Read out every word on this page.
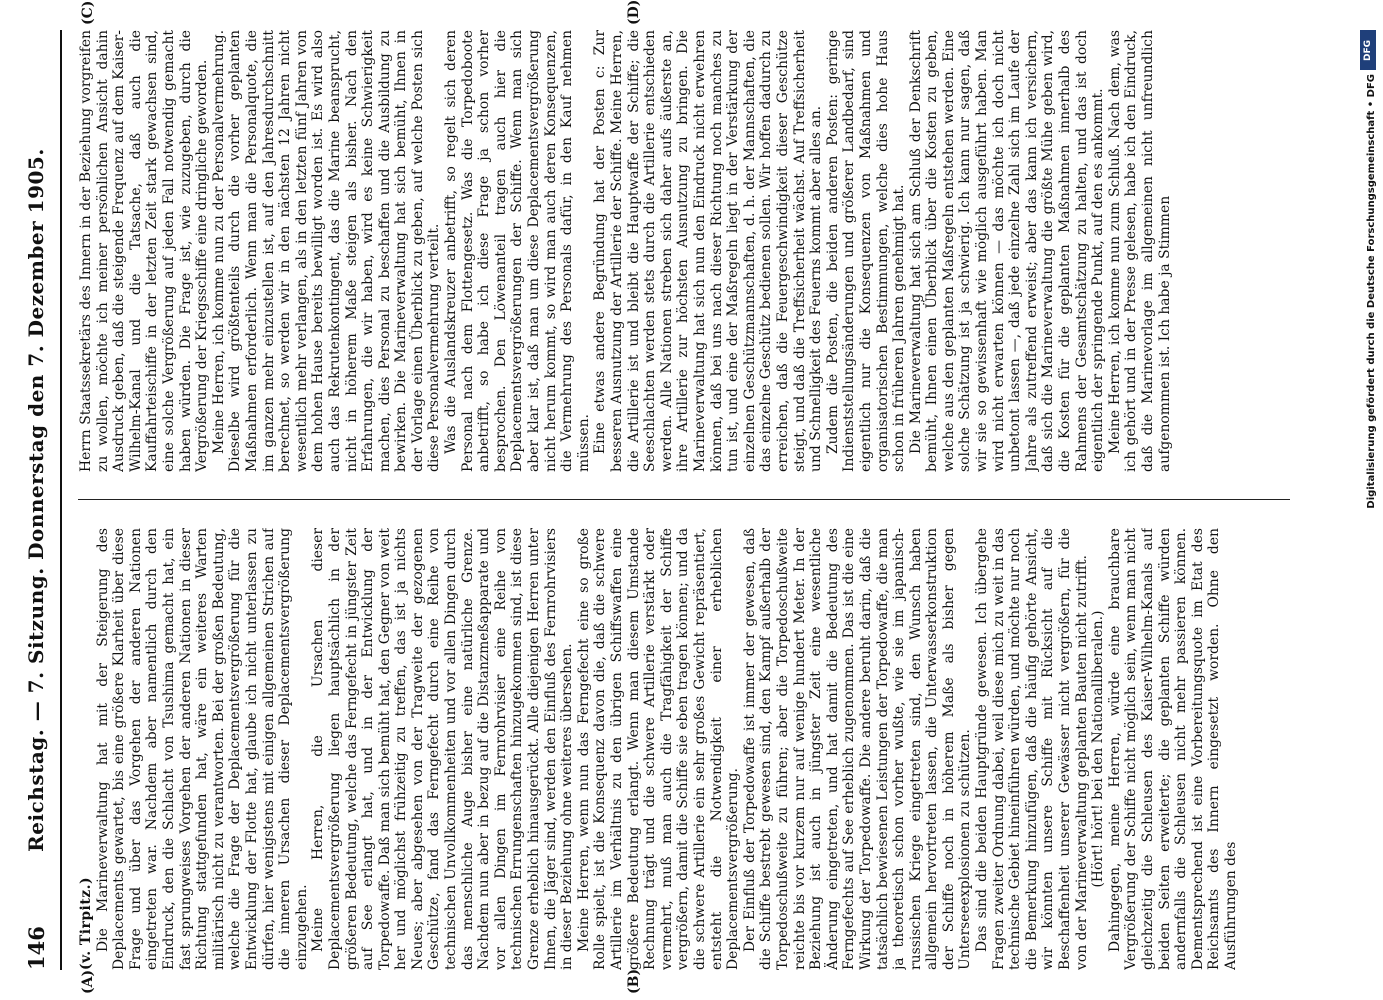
146
Reichstag. — 7. Sitzung. Donnerstag den 7. Dezember 1905.
(A)	(B)
(C)	(D)

(v. Tirpitz.) Die Marineverwaltung hat mit der Steigerung des Deplacements gewartet, bis eine größere Klarheit über diese Frage und über das Vorgehen der anderen Nationen eingetreten war. Nachdem aber namentlich durch den Eindruck, den die Schlacht von Tsushima gemacht hat, ein fast sprungweises Vorgehen der anderen Nationen in dieser Richtung stattgefunden hat, wäre ein weiteres Warten militärisch nicht zu verantworten. Bei der großen Bedeutung, welche die Frage der Deplacementsvergrößerung für die Entwicklung der Flotte hat, glaube ich nicht unterlassen zu dürfen, hier wenigstens mit einigen allgemeinen Strichen auf die inneren Ursachen dieser Deplacementsvergrößerung einzugehen. Meine Herren, die Ursachen dieser Deplacementsvergrößerung liegen hauptsächlich in der größeren Bedeutung, welche das Ferngefecht in jüngster Zeit auf See erlangt hat, und in der Entwicklung der Torpedowaffe. Daß man sich bemüht hat, den Gegner von weit her und möglichst frühzeitig zu treffen, das ist ja nichts Neues; aber abgesehen von der Tragweite der gezogenen Geschütze, fand das Ferngefecht durch eine Reihe von technischen Unvollkommenheiten und vor allen Dingen durch das menschliche Auge bisher eine natürliche Grenze. Nachdem nun aber in bezug auf die Distanzmeßapparate und vor allen Dingen im Fernrohrvisier eine Reihe von technischen Errungenschaften hinzugekommen sind, ist diese Grenze erheblich hinausgerückt. Alle diejenigen Herren unter Ihnen, die Jäger sind, werden den Einfluß des Fernrohrvisiers in dieser Beziehung ohne weiteres übersehen. Meine Herren, wenn nun das Ferngefecht eine so große Rolle spielt, ist die Konsequenz davon die, daß die schwere Artillerie im Verhältnis zu den übrigen Schiffswaffen eine größere Bedeutung erlangt. Wenn man diesem Umstande Rechnung trägt und die schwere Artillerie verstärkt oder vermehrt, muß man auch die Tragfähigkeit der Schiffe vergrößern, damit die Schiffe sie eben tragen können; und da die schwere Artillerie ein sehr großes Gewicht repräsentiert, entsteht die Notwendigkeit einer erheblichen Deplacementsvergrößerung. Der Einfluß der Torpedowaffe ist immer der gewesen, daß die Schiffe bestrebt gewesen sind, den Kampf außerhalb der Torpedoschußweite zu führen; aber die Torpedoschußweite reichte bis vor kurzem nur auf wenige hundert Meter. In der Beziehung ist auch in jüngster Zeit eine wesentliche Änderung eingetreten, und hat damit die Bedeutung des Ferngefechts auf See erheblich zugenommen. Das ist die eine Wirkung der Torpedowaffe. Die andere beruht darin, daß die tatsächlich bewiesenen Leistungen der Torpedowaffe, die man ja theoretisch schon vorher wußte, wie sie im japanisch-russischen Kriege eingetreten sind, den Wunsch haben allgemein hervortreten lassen, die Unterwasserkonstruktion der Schiffe noch in höherem Maße als bisher gegen Unterseeexplosionen zu schützen. Das sind die beiden Hauptgründe gewesen. Ich übergehe Fragen zweiter Ordnung dabei, weil diese mich zu weit in das technische Gebiet hineinführen würden, und möchte nur noch die Bemerkung hinzufügen, daß die häufig gehörte Ansicht, wir könnten unsere Schiffe mit Rücksicht auf die Beschaffenheit unserer Gewässer nicht vergrößern, für die von der Marineverwaltung geplanten Bauten nicht zutrifft. (Hört! hört! bei den Nationalliberalen.) Dahingegen, meine Herren, würde eine brauchbare Vergrößerung der Schiffe nicht möglich sein, wenn man nicht gleichzeitig die Schleusen des Kaiser-Wilhelm-Kanals auf beiden Seiten erweiterte; die geplanten Schiffe würden andernfalls die Schleusen nicht mehr passieren können. Dementsprechend ist eine Vorbereitungsquote im Etat des Reichsamts des Innern eingesetzt worden. Ohne den Ausführungen des

Herrn Staatssekretärs des Innern in der Beziehung vorgreifen zu wollen, möchte ich meiner persönlichen Ansicht dahin Ausdruck geben, daß die steigende Frequenz auf dem Kaiser-Wilhelm-Kanal und die Tatsache, daß auch die Kauffahrteischiffe in der letzten Zeit stark gewachsen sind, eine solche Vergrößerung auf jeden Fall notwendig gemacht haben würden. Die Frage ist, wie zuzugeben, durch die Vergrößerung der Kriegsschiffe eine dringliche geworden. Meine Herren, ich komme nun zu der Personalvermehrung. Dieselbe wird größtenteils durch die vorher geplanten Maßnahmen erforderlich. Wenn man die Personalquote, die im ganzen mehr einzustellen ist, auf den Jahresdurchschnitt berechnet, so werden wir in den nächsten 12 Jahren nicht wesentlich mehr verlangen, als in den letzten fünf Jahren von dem hohen Hause bereits bewilligt worden ist. Es wird also auch das Rekrutenkontingent, das die Marine beansprucht, nicht in höherem Maße steigen als bisher. Nach den Erfahrungen, die wir haben, wird es keine Schwierigkeit machen, dies Personal zu beschaffen und die Ausbildung zu bewirken. Die Marineverwaltung hat sich bemüht, Ihnen in der Vorlage einen Überblick zu geben, auf welche Posten sich diese Personalvermehrung verteilt. Was die Auslandskreuzer anbetrifft, so regelt sich deren Personal nach dem Flottengesetz. Was die Torpedoboote anbetrifft, so habe ich diese Frage ja schon vorher besprochen. Den Löwenanteil tragen auch hier die Deplacementsvergrößerungen der Schiffe. Wenn man sich aber klar ist, daß man um diese Deplacementsvergrößerung nicht herum kommt, so wird man auch deren Konsequenzen, die Vermehrung des Personals dafür, in den Kauf nehmen müssen. Eine etwas andere Begründung hat der Posten c: Zur besseren Ausnutzung der Artillerie der Schiffe. Meine Herren, die Artillerie ist und bleibt die Hauptwaffe der Schiffe; die Seeschlachten werden stets durch die Artillerie entschieden werden. Alle Nationen streben sich daher aufs äußerste an, ihre Artillerie zur höchsten Ausnutzung zu bringen. Die Marineverwaltung hat sich nun den Eindruck nicht erwehren können, daß bei uns nach dieser Richtung noch manches zu tun ist, und eine der Maßregeln liegt in der Verstärkung der einzelnen Geschützmannschaften, d. h. der Mannschaften, die das einzelne Geschütz bedienen sollen. Wir hoffen dadurch zu erreichen, daß die Feuergeschwindigkeit dieser Geschütze steigt, und daß die Treffsicherheit wächst. Auf Treffsicherheit und Schnelligkeit des Feuerns kommt aber alles an. Zudem die Posten, die beiden anderen Posten: geringe Indienststellungsänderungen und größerer Landbedarf, sind eigentlich nur die Konsequenzen von Maßnahmen und organisatorischen Bestimmungen, welche dies hohe Haus schon in früheren Jahren genehmigt hat. Die Marineverwaltung hat sich am Schluß der Denkschrift bemüht, Ihnen einen Überblick über die Kosten zu geben, welche aus den geplanten Maßregeln entstehen werden. Eine solche Schätzung ist ja schwierig. Ich kann nur sagen, daß wir sie so gewissenhaft wie möglich ausgeführt haben. Man wird nicht erwarten können — das möchte ich doch nicht unbetont lassen —, daß jede einzelne Zahl sich im Laufe der Jahre als zutreffend erweist; aber das kann ich versichern, daß sich die Marineverwaltung die größte Mühe geben wird, die Kosten für die geplanten Maßnahmen innerhalb des Rahmens der Gesamtschätzung zu halten, und das ist doch eigentlich der springende Punkt, auf den es ankommt. Meine Herren, ich komme nun zum Schluß. Nach dem, was ich gehört und in der Presse gelesen, habe ich den Eindruck, daß die Marinevorlage im allgemeinen nicht unfreundlich aufgenommen ist. Ich habe ja Stimmen

DFG
Digitalisierung gefördert durch die Deutsche Forschungsgemeinschaft • DFG
